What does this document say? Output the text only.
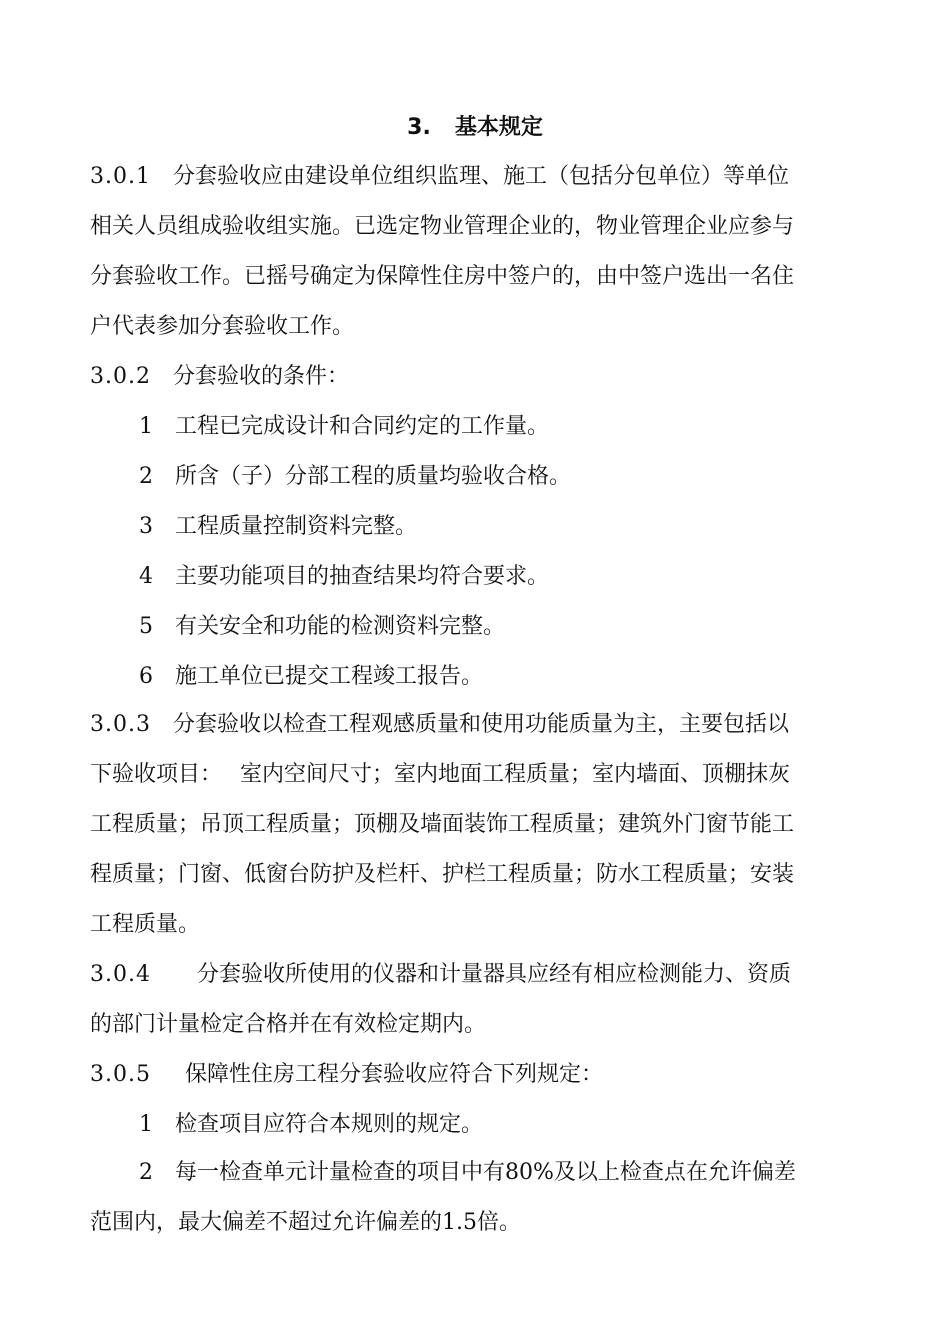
3. 基本规定
3.0.1 分套验收应由建设单位组织监理、施工（包括分包单位）等单位
相关人员组成验收组实施。已选定物业管理企业的，物业管理企业应参与
分套验收工作。已摇号确定为保障性住房中签户的，由中签户选出一名住
户代表参加分套验收工作。
3.0.2 分套验收的条件：
1 工程已完成设计和合同约定的工作量。
2 所含（子）分部工程的质量均验收合格。
3 工程质量控制资料完整。
4 主要功能项目的抽查结果均符合要求。
5 有关安全和功能的检测资料完整。
6 施工单位已提交工程竣工报告。
3.0.3 分套验收以检查工程观感质量和使用功能质量为主，主要包括以
下验收项目：　 室内空间尺寸；室内地面工程质量；室内墙面、顶棚抹灰
工程质量；吊顶工程质量；顶棚及墙面装饰工程质量；建筑外门窗节能工
程质量；门窗、低窗台防护及栏杆、护栏工程质量；防水工程质量；安装
工程质量。
3.0.4 分套验收所使用的仪器和计量器具应经有相应检测能力、资质
的部门计量检定合格并在有效检定期内。
3.0.5 保障性住房工程分套验收应符合下列规定：
1 检查项目应符合本规则的规定。
2 每一检查单元计量检查的项目中有80%及以上检查点在允许偏差
范围内，最大偏差不超过允许偏差的1.5倍。
